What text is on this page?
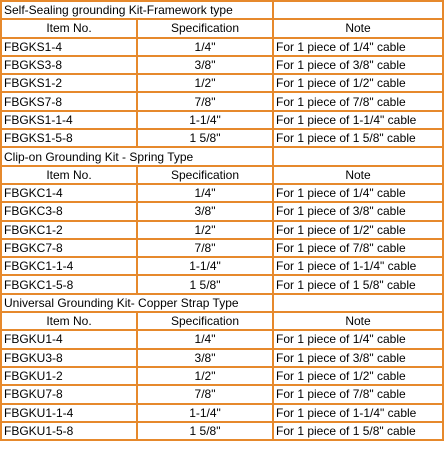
Self-Sealing grounding Kit-Framework type		
Item No.	Specification	Note
FBGKS1-4	1/4"	For 1 piece of 1/4" cable
FBGKS3-8	3/8"	For 1 piece of 3/8" cable
FBGKS1-2	1/2"	For 1 piece of 1/2" cable
FBGKS7-8	7/8"	For 1 piece of 7/8" cable
FBGKS1-1-4	1-1/4"	For 1 piece of 1-1/4" cable
FBGKS1-5-8	1 5/8"	For 1 piece of 1 5/8" cable
Clip-on Grounding Kit - Spring Type		
Item No.	Specification	Note
FBGKC1-4	1/4"	For 1 piece of 1/4" cable
FBGKC3-8	3/8"	For 1 piece of 3/8" cable
FBGKC1-2	1/2"	For 1 piece of 1/2" cable
FBGKC7-8	7/8"	For 1 piece of 7/8" cable
FBGKC1-1-4	1-1/4"	For 1 piece of 1-1/4" cable
FBGKC1-5-8	1 5/8"	For 1 piece of 1 5/8" cable
Universal Grounding Kit- Copper Strap Type		
Item No.	Specification	Note
FBGKU1-4	1/4"	For 1 piece of 1/4" cable
FBGKU3-8	3/8"	For 1 piece of 3/8" cable
FBGKU1-2	1/2"	For 1 piece of 1/2" cable
FBGKU7-8	7/8"	For 1 piece of 7/8" cable
FBGKU1-1-4	1-1/4"	For 1 piece of 1-1/4" cable
FBGKU1-5-8	1 5/8"	For 1 piece of 1 5/8" cable
